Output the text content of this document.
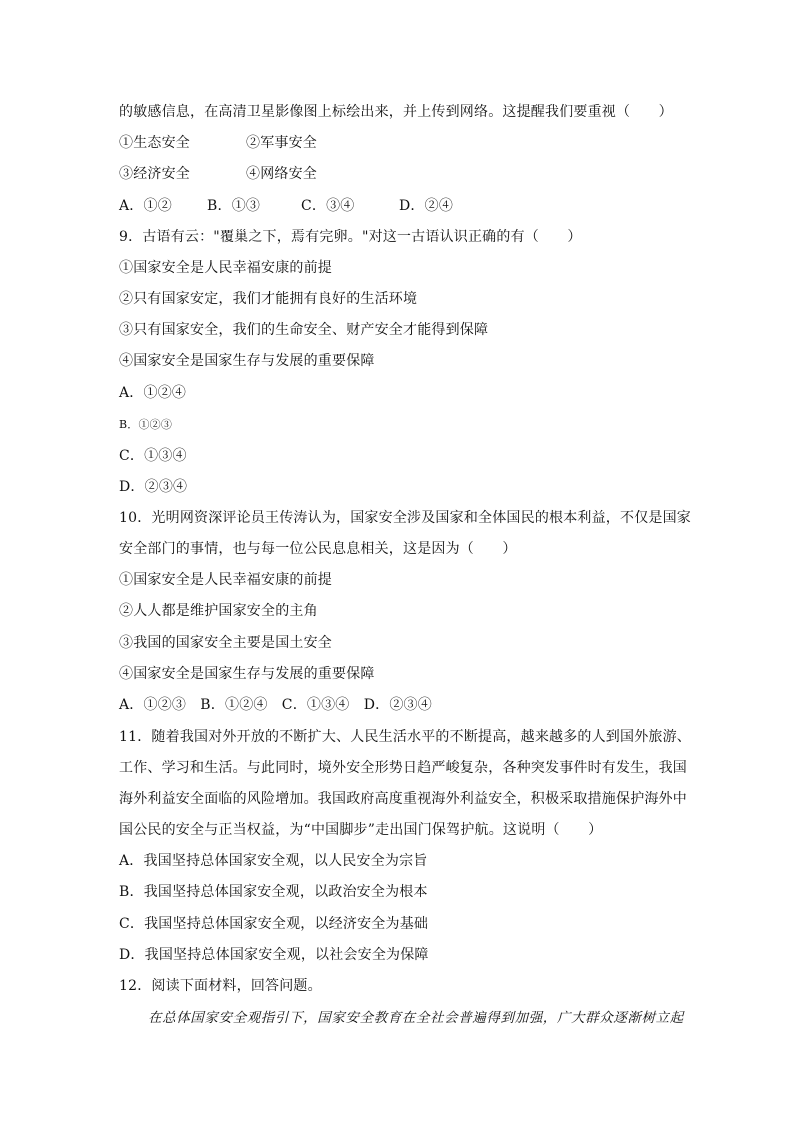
的敏感信息，在高清卫星影像图上标绘出来，并上传到网络。这提醒我们要重视（　　）
①生态安全	②军事安全
③经济安全	④网络安全
A．①②	B．①③	C．③④	D．②④
9．古语有云："覆巢之下，焉有完卵。"对这一古语认识正确的有（　　）
①国家安全是人民幸福安康的前提
②只有国家安定，我们才能拥有良好的生活环境
③只有国家安全，我们的生命安全、财产安全才能得到保障
④国家安全是国家生存与发展的重要保障
A．①②④
B．①②③
C．①③④
D．②③④
10．光明网资深评论员王传涛认为，国家安全涉及国家和全体国民的根本利益，不仅是国家
安全部门的事情，也与每一位公民息息相关，这是因为（　　）
①国家安全是人民幸福安康的前提
②人人都是维护国家安全的主角
③我国的国家安全主要是国土安全
④国家安全是国家生存与发展的重要保障
A．①②③　B．①②④　C．①③④　D．②③④
11．随着我国对外开放的不断扩大、人民生活水平的不断提高，越来越多的人到国外旅游、
工作、学习和生活。与此同时，境外安全形势日趋严峻复杂，各种突发事件时有发生，我国
海外利益安全面临的风险增加。我国政府高度重视海外利益安全，积极采取措施保护海外中
国公民的安全与正当权益，为“中国脚步”走出国门保驾护航。这说明（　　）
A．我国坚持总体国家安全观，以人民安全为宗旨
B．我国坚持总体国家安全观，以政治安全为根本
C．我国坚持总体国家安全观，以经济安全为基础
D．我国坚持总体国家安全观，以社会安全为保障
12．阅读下面材料，回答问题。
在总体国家安全观指引下，国家安全教育在全社会普遍得到加强，广大群众逐渐树立起
